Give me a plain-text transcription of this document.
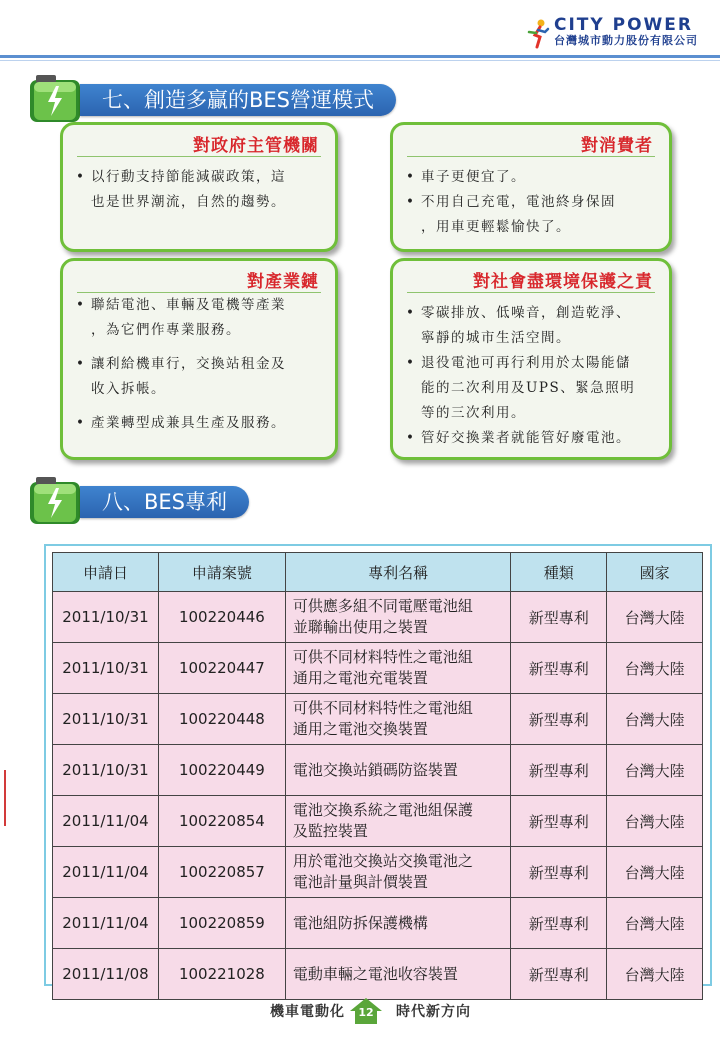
CITY POWER
台灣城市動力股份有限公司
七、創造多贏的BES營運模式
對政府主管機關
• 以行動支持節能減碳政策，這
也是世界潮流，自然的趨勢。
對消費者
• 車子更便宜了。
• 不用自己充電，電池終身保固
，用車更輕鬆愉快了。
對產業鏈
• 聯結電池、車輛及電機等產業
，為它們作專業服務。
• 讓利給機車行，交換站租金及
收入拆帳。
• 產業轉型成兼具生產及服務。
對社會盡環境保護之責
• 零碳排放、低噪音，創造乾淨、
寧靜的城市生活空間。
• 退役電池可再行利用於太陽能儲
能的二次利用及UPS、緊急照明
等的三次利用。
• 管好交換業者就能管好廢電池。
八、BES專利
申請日	申請案號	專利名稱	種類	國家
2011/10/31	100220446	可供應多組不同電壓電池組
並聯輸出使用之裝置	新型專利	台灣大陸
2011/10/31	100220447	可供不同材料特性之電池組
通用之電池充電裝置	新型專利	台灣大陸
2011/10/31	100220448	可供不同材料特性之電池組
通用之電池交換裝置	新型專利	台灣大陸
2011/10/31	100220449	電池交換站鎖碼防盜裝置	新型專利	台灣大陸
2011/11/04	100220854	電池交換系統之電池組保護
及監控裝置	新型專利	台灣大陸
2011/11/04	100220857	用於電池交換站交換電池之
電池計量與計價裝置	新型專利	台灣大陸
2011/11/04	100220859	電池組防拆保護機構	新型專利	台灣大陸
2011/11/08	100221028	電動車輛之電池收容裝置	新型專利	台灣大陸
機車電動化	12	時代新方向
